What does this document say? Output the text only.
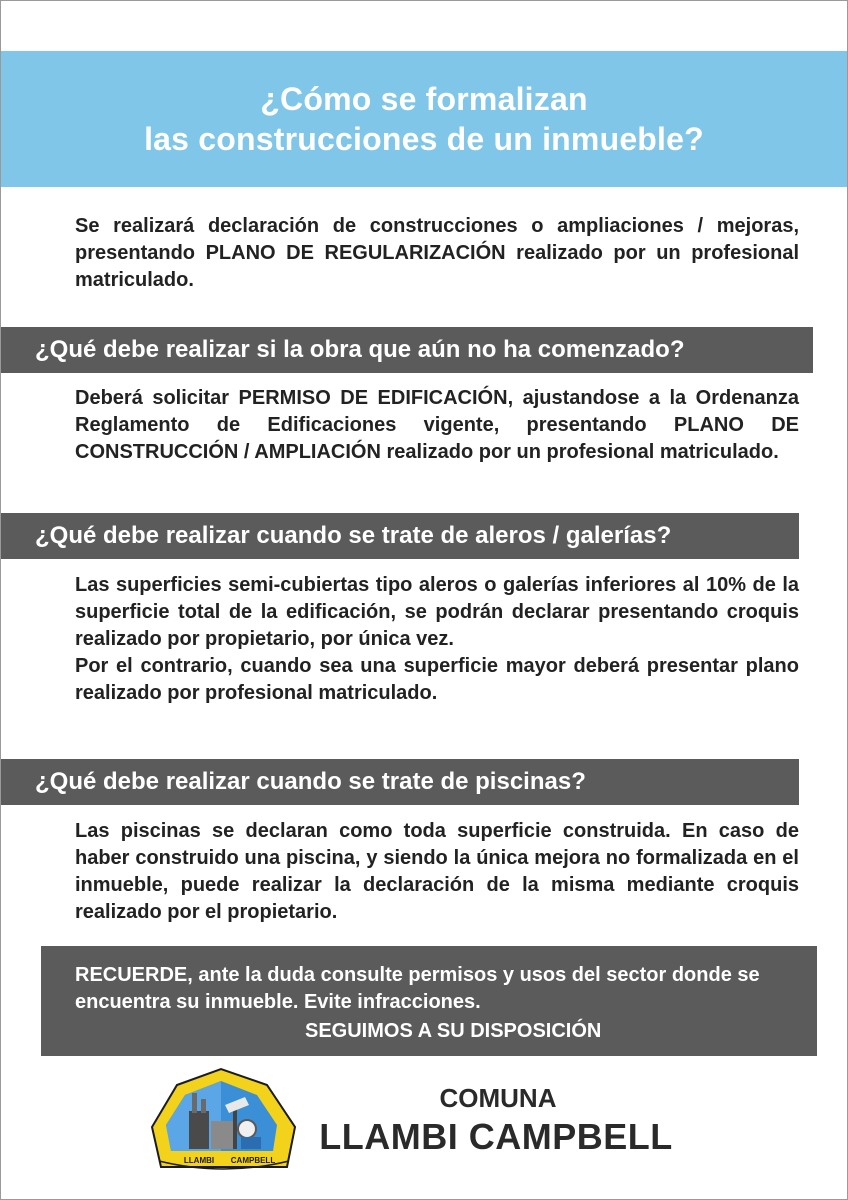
¿Cómo se formalizan
las construcciones de un inmueble?
Se realizará declaración de construcciones o ampliaciones / mejoras, presentando PLANO DE REGULARIZACIÓN realizado por un profesional matriculado.
¿Qué debe realizar si la obra que aún no ha comenzado?
Deberá solicitar PERMISO DE EDIFICACIÓN, ajustandose a la Ordenanza Reglamento de Edificaciones vigente, presentando PLANO DE CONSTRUCCIÓN / AMPLIACIÓN realizado por un profesional matriculado.
¿Qué debe realizar cuando se trate de aleros / galerías?
Las superficies semi-cubiertas tipo aleros o galerías inferiores al 10% de la superficie total de la edificación, se podrán declarar presentando croquis realizado por propietario, por única vez.
Por el contrario, cuando sea una superficie mayor deberá presentar plano realizado por profesional matriculado.
¿Qué debe realizar cuando se trate de piscinas?
Las piscinas se declaran como toda superficie construida. En caso de haber construido una piscina, y siendo la única mejora no formalizada en el inmueble, puede realizar la declaración de la misma mediante croquis realizado por el propietario.
RECUERDE, ante la duda consulte permisos y usos del sector donde se encuentra su inmueble. Evite infracciones.
SEGUIMOS A SU DISPOSICIÓN
LLAMBI CAMPBELL
COMUNA
LLAMBI CAMPBELL
